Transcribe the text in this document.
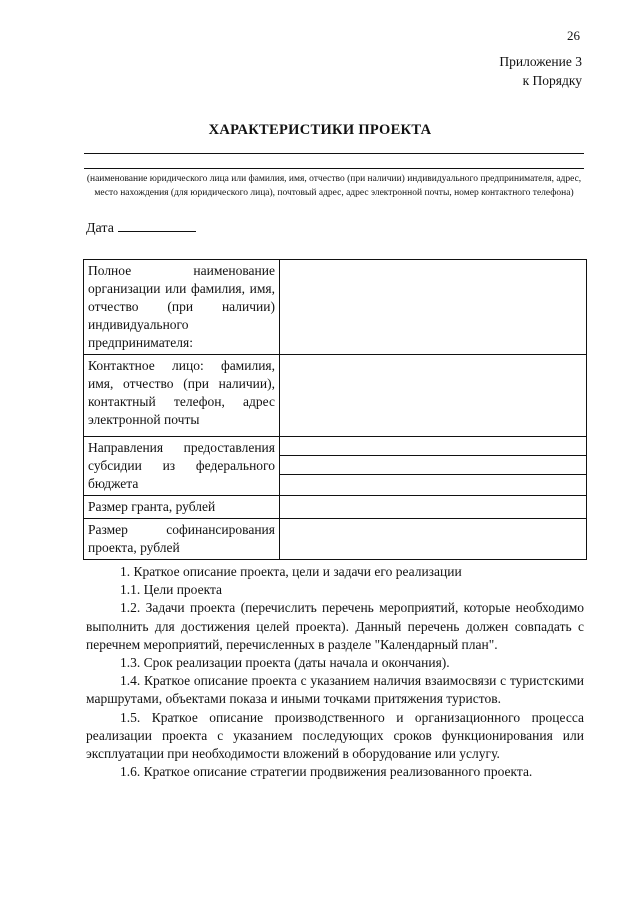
26
Приложение 3
к Порядку
ХАРАКТЕРИСТИКИ ПРОЕКТА
(наименование юридического лица или фамилия, имя, отчество (при наличии) индивидуального предпринимателя, адрес, место нахождения (для юридического лица), почтовый адрес, адрес электронной почты, номер контактного телефона)
Дата
Полное наименование организации или фамилия, имя, отчество (при наличии) индивидуального предпринимателя:	
Контактное лицо: фамилия, имя, отчество (при наличии), контактный телефон, адрес электронной почты	
Направления предоставления субсидии из федерального бюджета	

Размер гранта, рублей	
Размер софинансирования проекта, рублей	

1. Краткое описание проекта, цели и задачи его реализации

1.1. Цели проекта

1.2. Задачи проекта (перечислить перечень мероприятий, которые необходимо выполнить для достижения целей проекта). Данный перечень должен совпадать с перечнем мероприятий, перечисленных в разделе "Календарный план".

1.3. Срок реализации проекта (даты начала и окончания).

1.4. Краткое описание проекта с указанием наличия взаимосвязи с туристскими маршрутами, объектами показа и иными точками притяжения туристов.

1.5. Краткое описание производственного и организационного процесса реализации проекта с указанием последующих сроков функционирования или эксплуатации при необходимости вложений в оборудование или услугу.

1.6. Краткое описание стратегии продвижения реализованного проекта.
